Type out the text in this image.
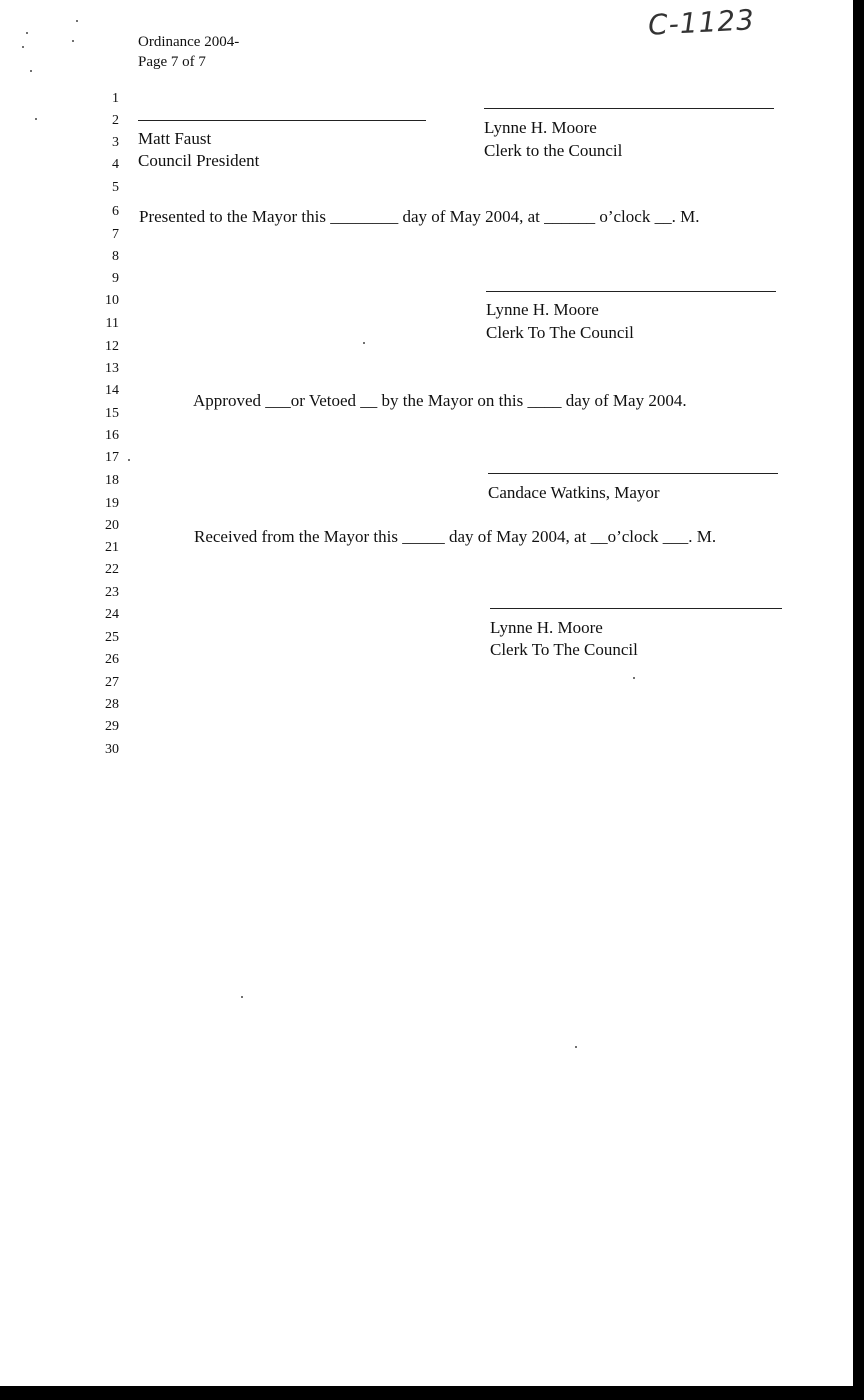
Ordinance 2004-
Page 7 of 7
C-1123
1
2
3
4
5
6
7
8
9
10
11
12
13
14
15
16
17
18
19
20
21
22
23
24
25
26
27
28
29
30
Matt Faust
Council President
Lynne H. Moore
Clerk to the Council
Presented to the Mayor this ________ day of May 2004, at ______ o’clock __. M.
Lynne H. Moore
Clerk To The Council
Approved ___or Vetoed __ by the Mayor on this ____ day of May 2004.
Candace Watkins, Mayor
Received from the Mayor this _____ day of May 2004, at __o’clock ___. M.
Lynne H. Moore
Clerk To The Council
